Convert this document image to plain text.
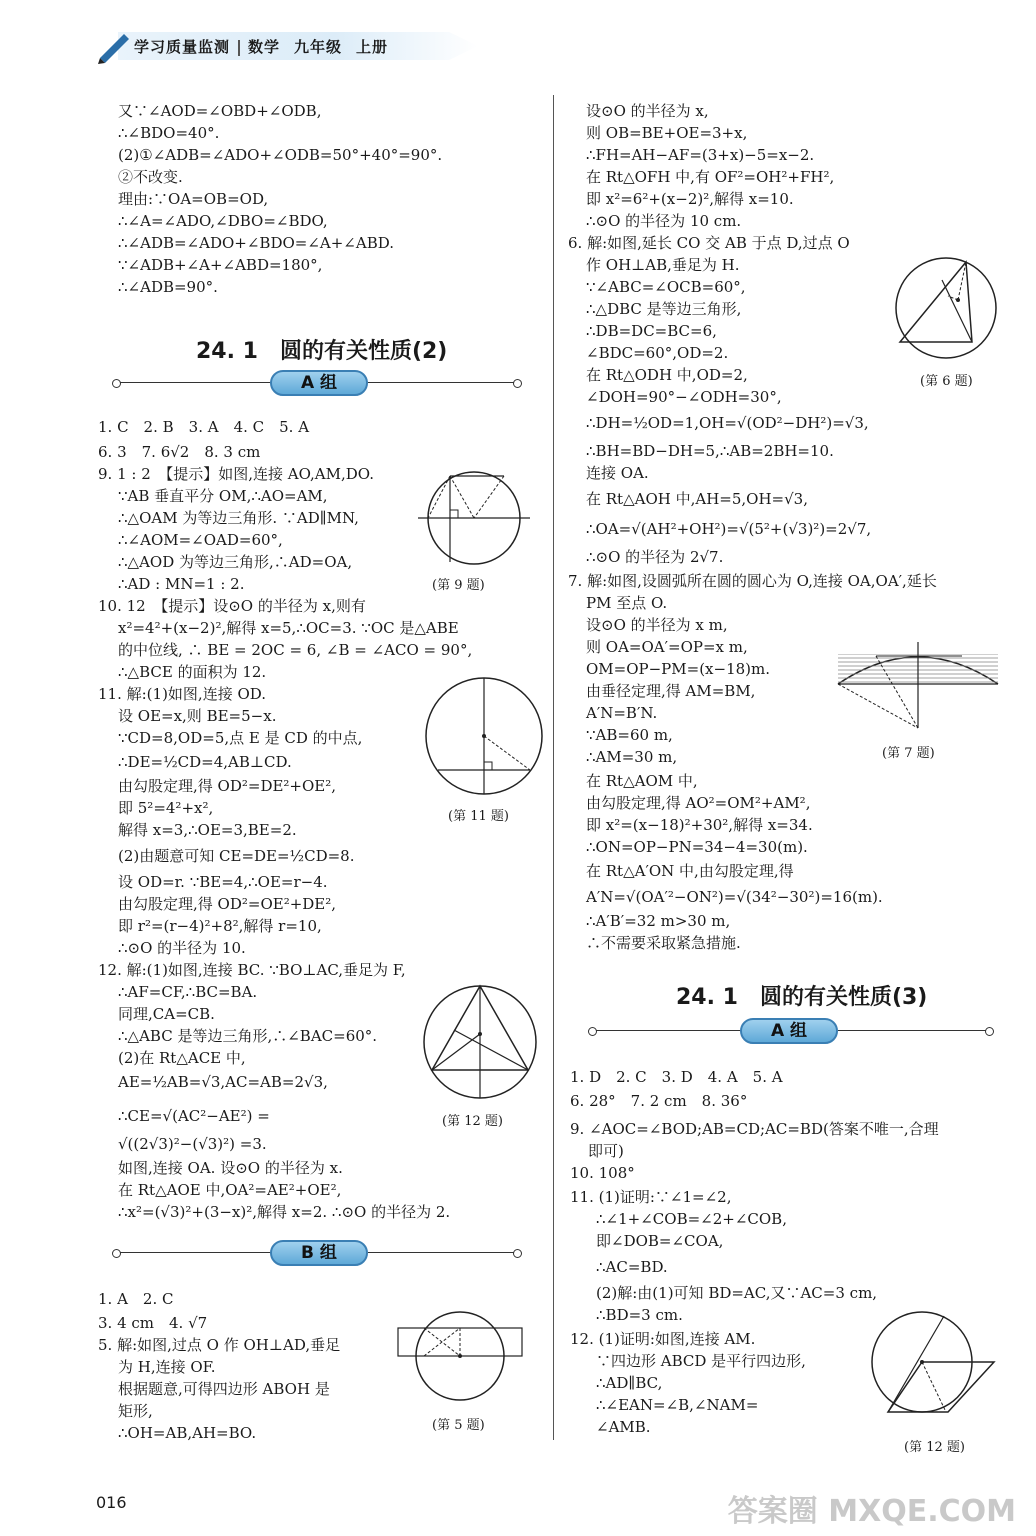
学习质量监测 数学 九年级 上册
又∵∠AOD=∠OBD+∠ODB,
∴∠BDO=40°.
(2)①∠ADB=∠ADO+∠ODB=50°+40°=90°.
②不改变.
理由:∵OA=OB=OD,
∴∠A=∠ADO,∠DBO=∠BDO,
∴∠ADB=∠ADO+∠BDO=∠A+∠ABD.
∵∠ADB+∠A+∠ABD=180°,
∴∠ADB=90°.
24. 1　圆的有关性质(2)
A 组
1. C　2. B　3. A　4. C　5. A
6. 3　7. 6√2　8. 3 cm
9. 1 : 2　【提示】如图,连接 AO,AM,DO.
∵AB 垂直平分 OM,∴AO=AM,
∴△OAM 为等边三角形. ∵AD∥MN,
∴∠AOM=∠OAD=60°,
∴△AOD 为等边三角形,∴AD=OA,
∴AD : MN=1 : 2.
10. 12　【提示】设⊙O 的半径为 x,则有
x²=4²+(x−2)²,解得 x=5,∴OC=3. ∵OC 是△ABE
的中位线, ∴ BE = 2OC = 6, ∠B = ∠ACO = 90°,
∴△BCE 的面积为 12.
11. 解:(1)如图,连接 OD.
设 OE=x,则 BE=5−x.
∵CD=8,OD=5,点 E 是 CD 的中点,
∴DE=½CD=4,AB⊥CD.
由勾股定理,得 OD²=DE²+OE²,
即 5²=4²+x²,
解得 x=3,∴OE=3,BE=2.
(2)由题意可知 CE=DE=½CD=8.
设 OD=r. ∵BE=4,∴OE=r−4.
由勾股定理,得 OD²=OE²+DE²,
即 r²=(r−4)²+8²,解得 r=10,
∴⊙O 的半径为 10.
12. 解:(1)如图,连接 BC. ∵BO⊥AC,垂足为 F,
∴AF=CF,∴BC=BA.
同理,CA=CB.
∴△ABC 是等边三角形,∴∠BAC=60°.
(2)在 Rt△ACE 中,
AE=½AB=√3,AC=AB=2√3,
∴CE=√(AC²−AE²) =
√((2√3)²−(√3)²) =3.
如图,连接 OA. 设⊙O 的半径为 x.
在 Rt△AOE 中,OA²=AE²+OE²,
∴x²=(√3)²+(3−x)²,解得 x=2. ∴⊙O 的半径为 2.
B 组
1. A　2. C
3. 4 cm　4. √7
5. 解:如图,过点 O 作 OH⊥AD,垂足
为 H,连接 OF.
根据题意,可得四边形 ABOH 是
矩形,
∴OH=AB,AH=BO.
(第 9 题)
(第 11 题)
(第 12 题)
(第 5 题)
设⊙O 的半径为 x,
则 OB=BE+OE=3+x,
∴FH=AH−AF=(3+x)−5=x−2.
在 Rt△OFH 中,有 OF²=OH²+FH²,
即 x²=6²+(x−2)²,解得 x=10.
∴⊙O 的半径为 10 cm.
6. 解:如图,延长 CO 交 AB 于点 D,过点 O
作 OH⊥AB,垂足为 H.
∵∠ABC=∠OCB=60°,
∴△DBC 是等边三角形,
∴DB=DC=BC=6,
∠BDC=60°,OD=2.
在 Rt△ODH 中,OD=2,
∠DOH=90°−∠ODH=30°,
∴DH=½OD=1,OH=√(OD²−DH²)=√3,
∴BH=BD−DH=5,∴AB=2BH=10.
连接 OA.
在 Rt△AOH 中,AH=5,OH=√3,
∴OA=√(AH²+OH²)=√(5²+(√3)²)=2√7,
∴⊙O 的半径为 2√7.
7. 解:如图,设圆弧所在圆的圆心为 O,连接 OA,OA′,延长
PM 至点 O.
设⊙O 的半径为 x m,
则 OA=OA′=OP=x m,
OM=OP−PM=(x−18)m.
由垂径定理,得 AM=BM,
A′N=B′N.
∵AB=60 m,
∴AM=30 m,
在 Rt△AOM 中,
由勾股定理,得 AO²=OM²+AM²,
即 x²=(x−18)²+30²,解得 x=34.
∴ON=OP−PN=34−4=30(m).
在 Rt△A′ON 中,由勾股定理,得
A′N=√(OA′²−ON²)=√(34²−30²)=16(m).
∴A′B′=32 m>30 m,
∴不需要采取紧急措施.
24. 1　圆的有关性质(3)
A 组
1. D　2. C　3. D　4. A　5. A
6. 28°　7. 2 cm　8. 36°
9. ∠AOC=∠BOD;AB=CD;AC=BD(答案不唯一,合理
即可)
10. 108°
11. (1)证明:∵∠1=∠2,
∴∠1+∠COB=∠2+∠COB,
即∠DOB=∠COA,
∴AC=BD.
(2)解:由(1)可知 BD=AC,又∵AC=3 cm,
∴BD=3 cm.
12. (1)证明:如图,连接 AM.
∵四边形 ABCD 是平行四边形,
∴AD∥BC,
∴∠EAN=∠B,∠NAM=
∠AMB.
(第 6 题)
(第 7 题)
(第 12 题)
016	答案圈 MXQE.COM
